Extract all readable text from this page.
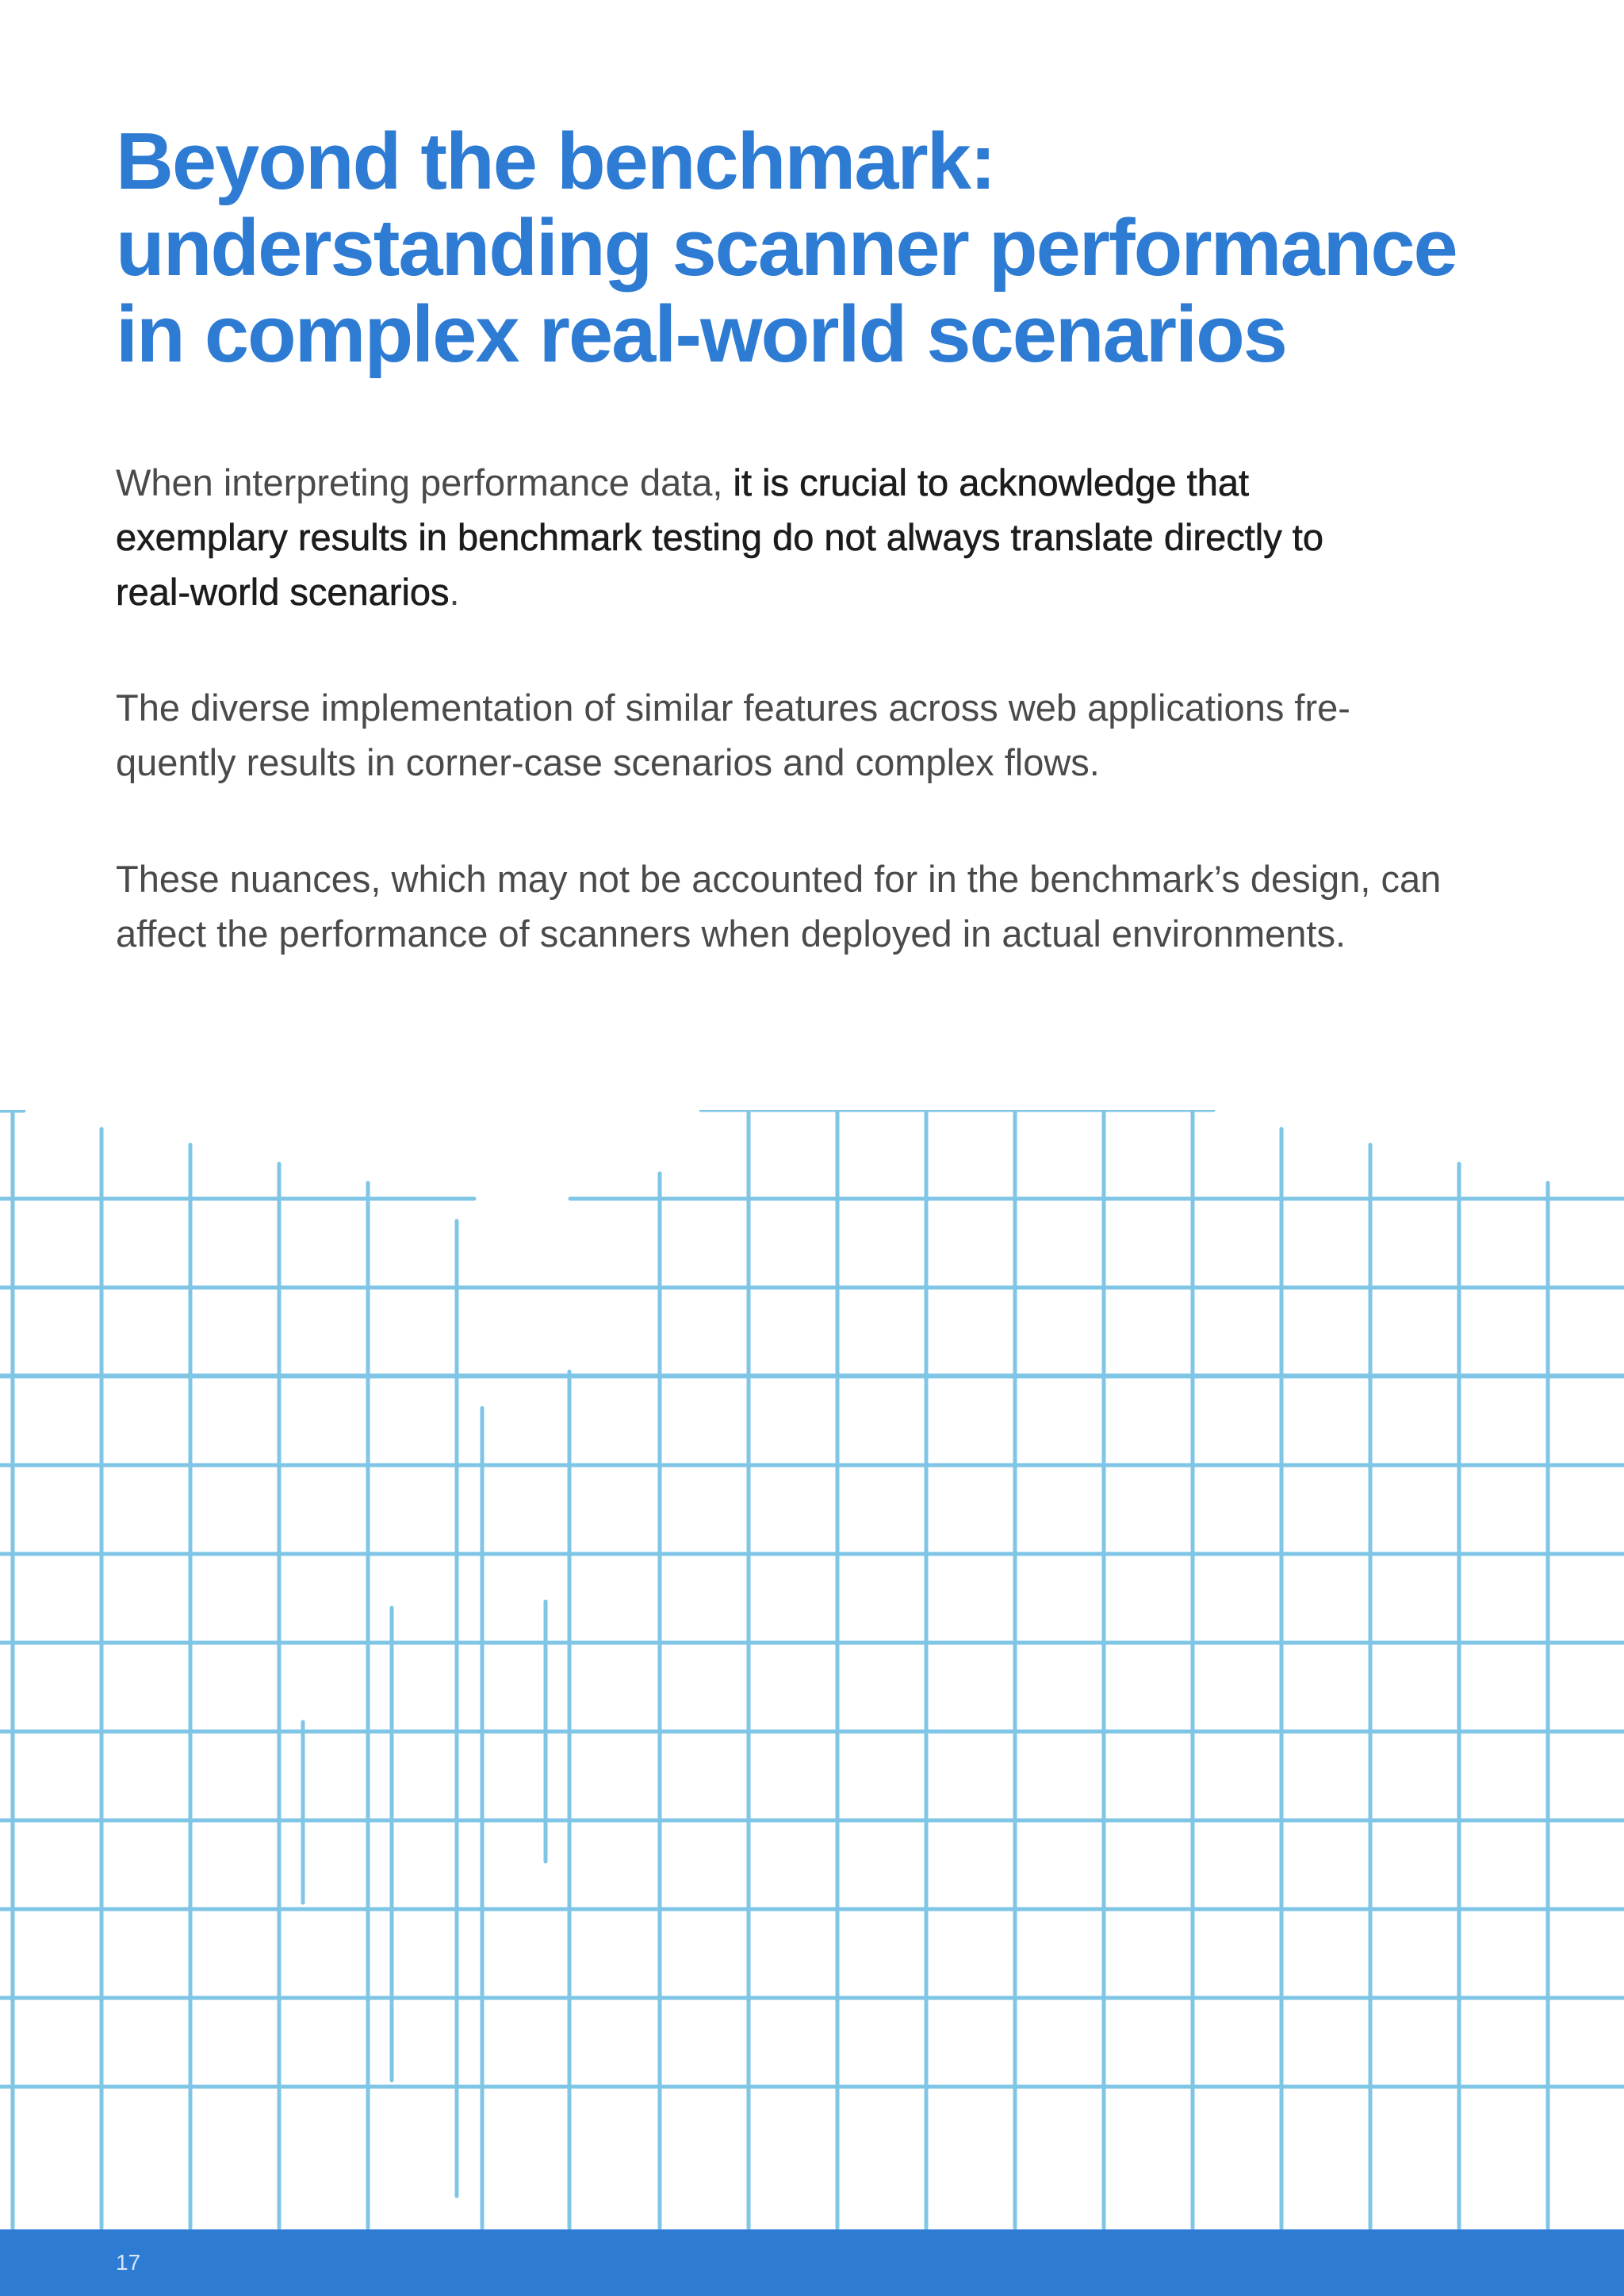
Beyond the benchmark:
understanding scanner performance
in complex real-world scenarios

When interpreting performance data, it is crucial to acknowledge that
exemplary results in benchmark testing do not always translate directly to
real-world scenarios.

The diverse implementation of similar features across web applications fre-
quently results in corner-case scenarios and complex flows.

These nuances, which may not be accounted for in the benchmark’s design, can
affect the performance of scanners when deployed in actual environments.

17
